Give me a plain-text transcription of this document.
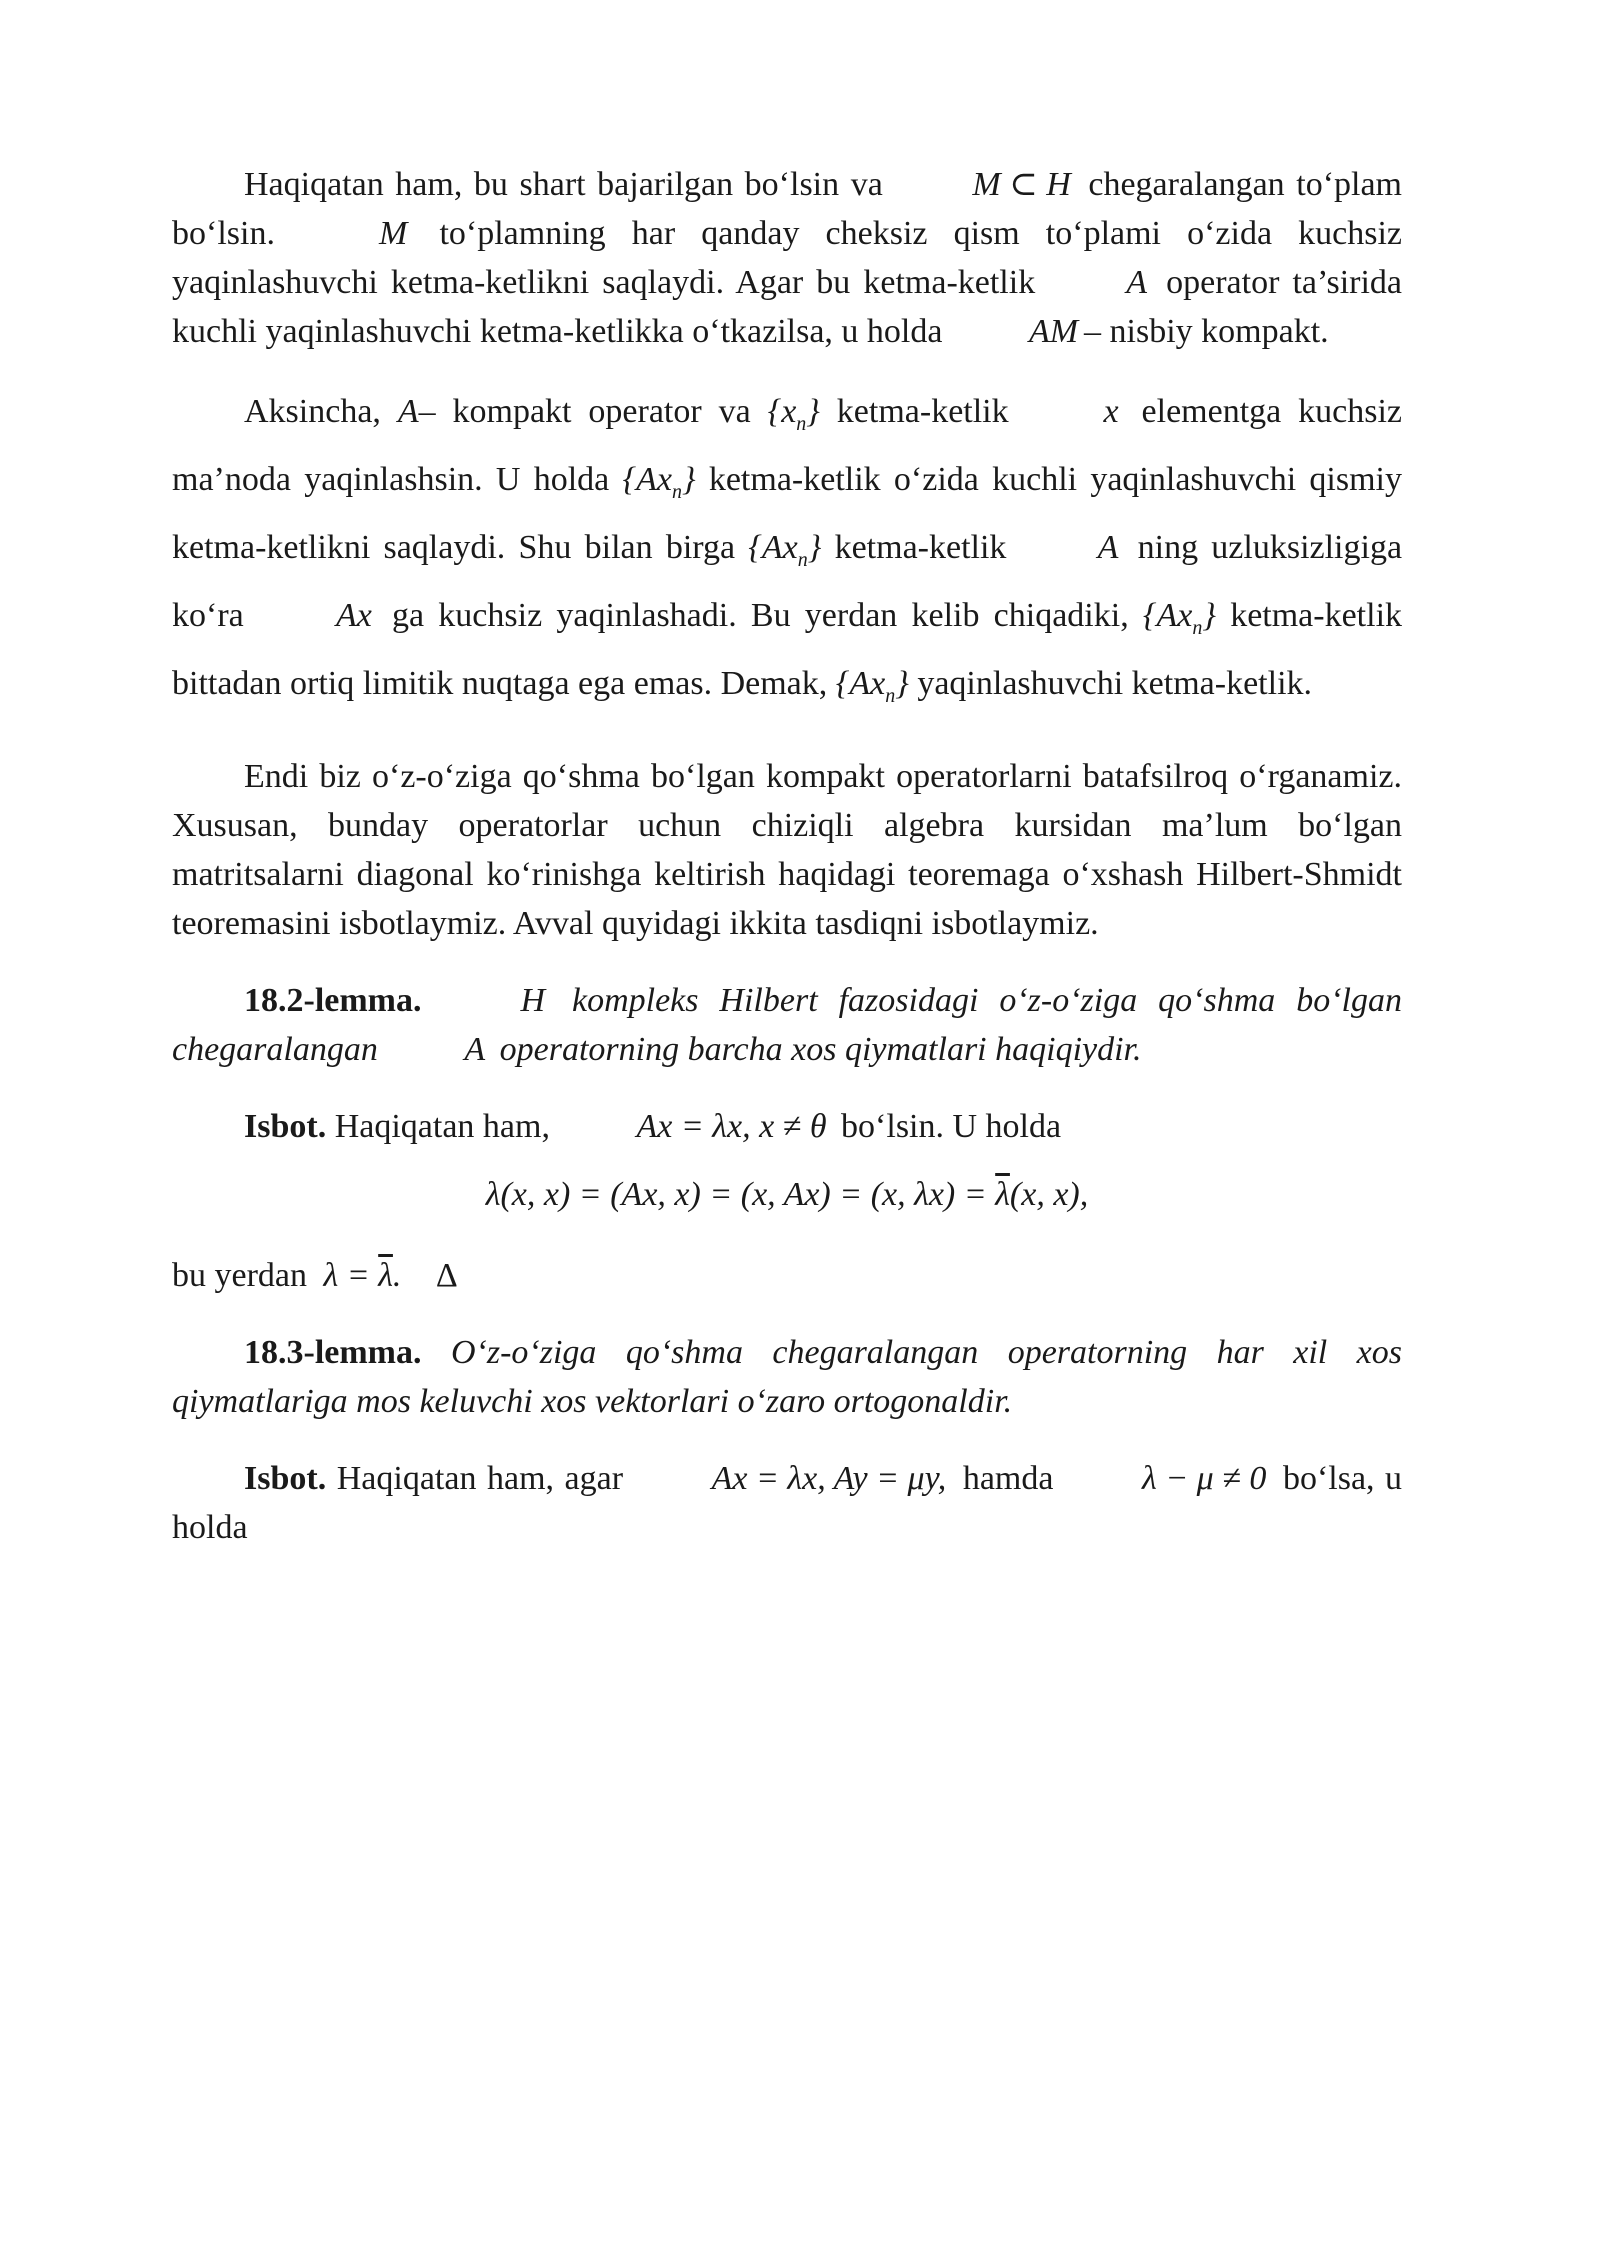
Haqiqatan ham, bu shart bajarilgan bo‘lsin va	M ⊂ H chegaralangan to‘plam bo‘lsin.	M to‘plamning har qanday cheksiz qism to‘plami o‘zida kuchsiz yaqinlashuvchi ketma-ketlikni saqlaydi. Agar bu ketma-ketlik	A operator ta’sirida kuchli yaqinlashuvchi ketma-ketlikka o‘tkazilsa, u holda	AM – nisbiy kompakt.

Aksincha, A– kompakt operator va $\{x_n\}$ ketma-ketlik	x elementga kuchsiz ma’noda yaqinlashsin. U holda $\{Ax_n\}$ ketma-ketlik o‘zida kuchli yaqinlashuvchi qismiy ketma-ketlikni saqlaydi. Shu bilan birga $\{Ax_n\}$ ketma-ketlik	A ning uzluksizligiga ko‘ra	Ax ga kuchsiz yaqinlashadi. Bu yerdan kelib chiqadiki, $\{Ax_n\}$ ketma-ketlik bittadan ortiq limitik nuqtaga ega emas. Demak, $\{Ax_n\}$ yaqinlashuvchi ketma-ketlik.

Endi biz o‘z-o‘ziga qo‘shma bo‘lgan kompakt operatorlarni batafsilroq o‘rganamiz. Xususan, bunday operatorlar uchun chiziqli algebra kursidan ma’lum bo‘lgan matritsalarni diagonal ko‘rinishga keltirish haqidagi teoremaga o‘xshash Hilbert-Shmidt teoremasini isbotlaymiz. Avval quyidagi ikkita tasdiqni isbotlaymiz.

18.2-lemma.	H kompleks Hilbert fazosidagi o‘z-o‘ziga qo‘shma bo‘lgan chegaralangan	A operatorning barcha xos qiymatlari haqiqiydir.

Isbot. Haqiqatan ham,	Ax = λx, x ≠ θ bo‘lsin. U holda

λ(x, x) = (Ax, x) = (x, Ax) = (x, $\lambda x) = \overline{\lambda}(x$, x),

bu yerdan $\lambda = \overline{\lambda}$. Δ

18.3-lemma. O‘z-o‘ziga qo‘shma chegaralangan operatorning har xil xos qiymatlariga mos keluvchi xos vektorlari o‘zaro ortogonaldir.

Isbot. Haqiqatan ham, agar	Ax = λx, Ay = μy, hamda	λ − μ ≠ 0 bo‘lsa, u holda
